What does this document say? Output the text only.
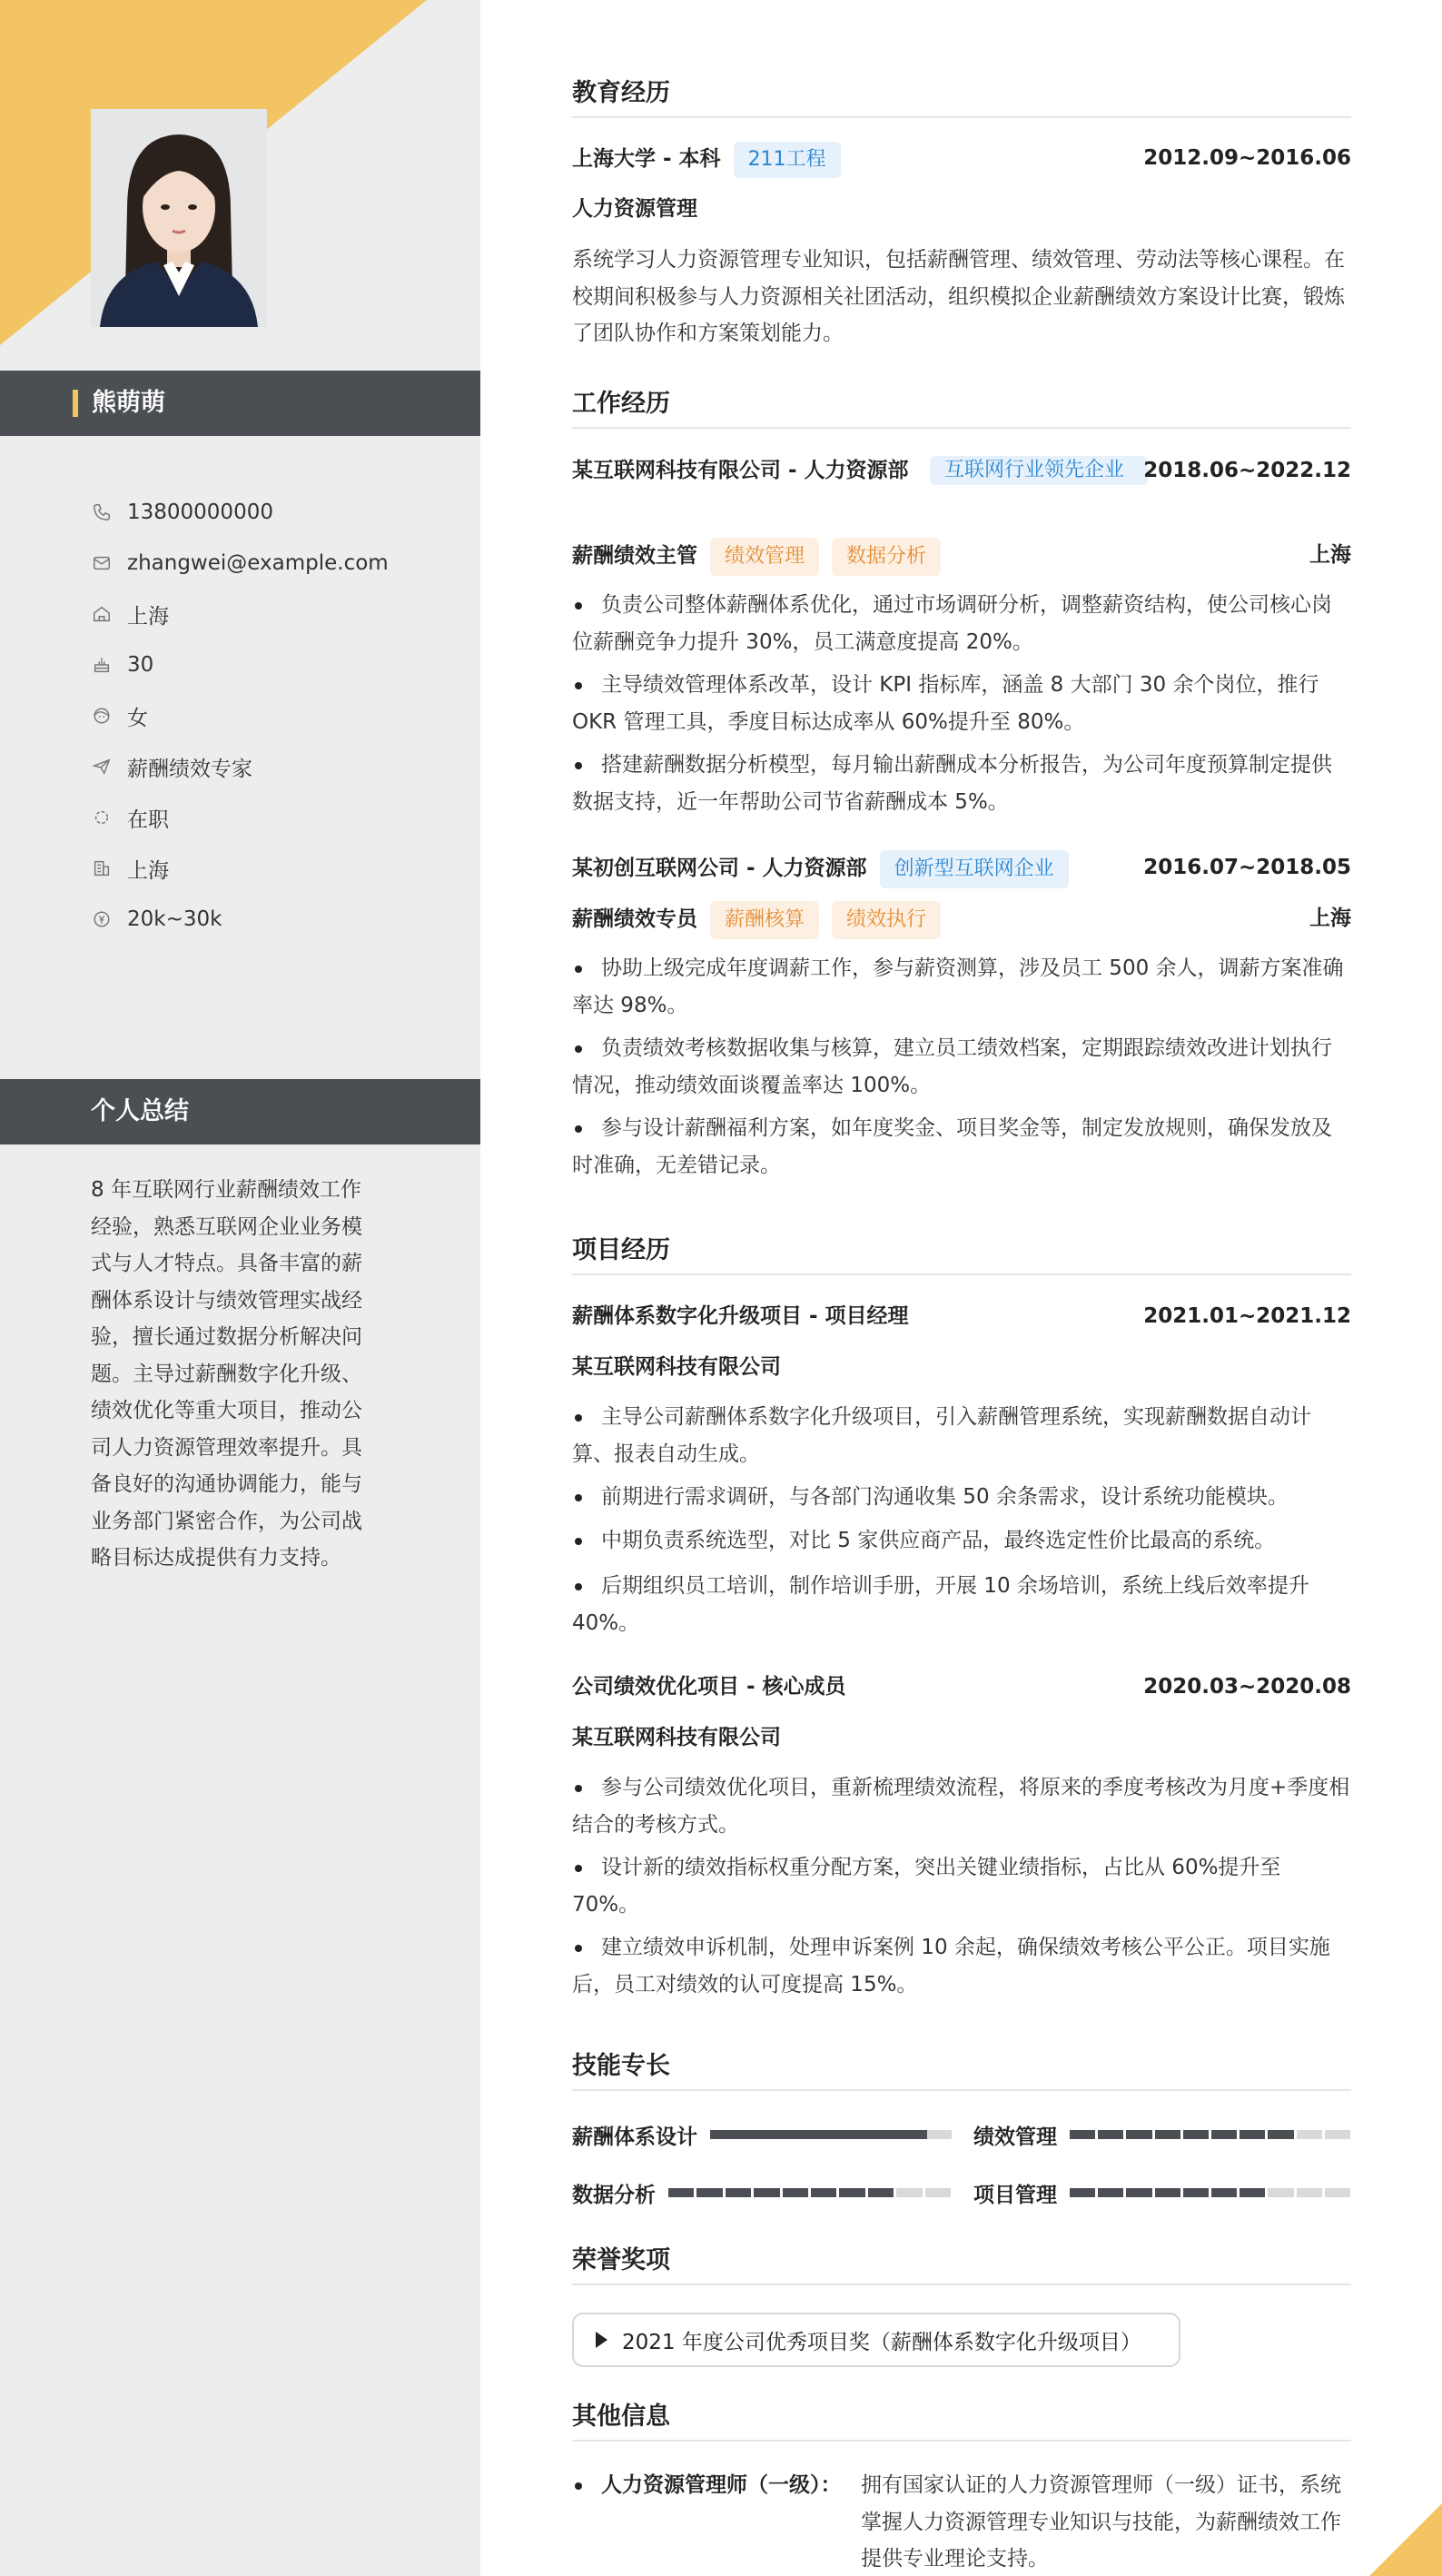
熊萌萌
13800000000
zhangwei@example.com
上海
30
女
薪酬绩效专家
在职
上海
20k~30k
个人总结
8 年互联网行业薪酬绩效工作经验，熟悉互联网企业业务模式与人才特点。具备丰富的薪酬体系设计与绩效管理实战经验，擅长通过数据分析解决问题。主导过薪酬数字化升级、绩效优化等重大项目，推动公司人力资源管理效率提升。具备良好的沟通协调能力，能与业务部门紧密合作，为公司战略目标达成提供有力支持。
教育经历
上海大学 - 本科 211工程	2012.09~2016.06
人力资源管理
系统学习人力资源管理专业知识，包括薪酬管理、绩效管理、劳动法等核心课程。在校期间积极参与人力资源相关社团活动，组织模拟企业薪酬绩效方案设计比赛，锻炼了团队协作和方案策划能力。
工作经历
某互联网科技有限公司 - 人力资源部	互联网行业领先企业 2018.06~2022.12
薪酬绩效主管 绩效管理 数据分析	上海
负责公司整体薪酬体系优化，通过市场调研分析，调整薪资结构，使公司核心岗位薪酬竞争力提升 30%，员工满意度提高 20%。
主导绩效管理体系改革，设计 KPI 指标库，涵盖 8 大部门 30 余个岗位，推行 OKR 管理工具，季度目标达成率从 60%提升至 80%。
搭建薪酬数据分析模型，每月输出薪酬成本分析报告，为公司年度预算制定提供数据支持，近一年帮助公司节省薪酬成本 5%。
某初创互联网公司 - 人力资源部 创新型互联网企业	2016.07~2018.05
薪酬绩效专员 薪酬核算 绩效执行	上海
协助上级完成年度调薪工作，参与薪资测算，涉及员工 500 余人，调薪方案准确率达 98%。
负责绩效考核数据收集与核算，建立员工绩效档案，定期跟踪绩效改进计划执行情况，推动绩效面谈覆盖率达 100%。
参与设计薪酬福利方案，如年度奖金、项目奖金等，制定发放规则，确保发放及时准确，无差错记录。
项目经历
薪酬体系数字化升级项目 - 项目经理	2021.01~2021.12
某互联网科技有限公司
主导公司薪酬体系数字化升级项目，引入薪酬管理系统，实现薪酬数据自动计算、报表自动生成。
前期进行需求调研，与各部门沟通收集 50 余条需求，设计系统功能模块。
中期负责系统选型，对比 5 家供应商产品，最终选定性价比最高的系统。
后期组织员工培训，制作培训手册，开展 10 余场培训，系统上线后效率提升 40%。
公司绩效优化项目 - 核心成员	2020.03~2020.08
某互联网科技有限公司
参与公司绩效优化项目，重新梳理绩效流程，将原来的季度考核改为月度+季度相结合的考核方式。
设计新的绩效指标权重分配方案，突出关键业绩指标，占比从 60%提升至 70%。
建立绩效申诉机制，处理申诉案例 10 余起，确保绩效考核公平公正。项目实施后，员工对绩效的认可度提高 15%。
技能专长
薪酬体系设计	绩效管理
数据分析	项目管理
荣誉奖项
2021 年度公司优秀项目奖（薪酬体系数字化升级项目）
其他信息
人力资源管理师（一级）： 拥有国家认证的人力资源管理师（一级）证书，系统掌握人力资源管理专业知识与技能，为薪酬绩效工作提供专业理论支持。
